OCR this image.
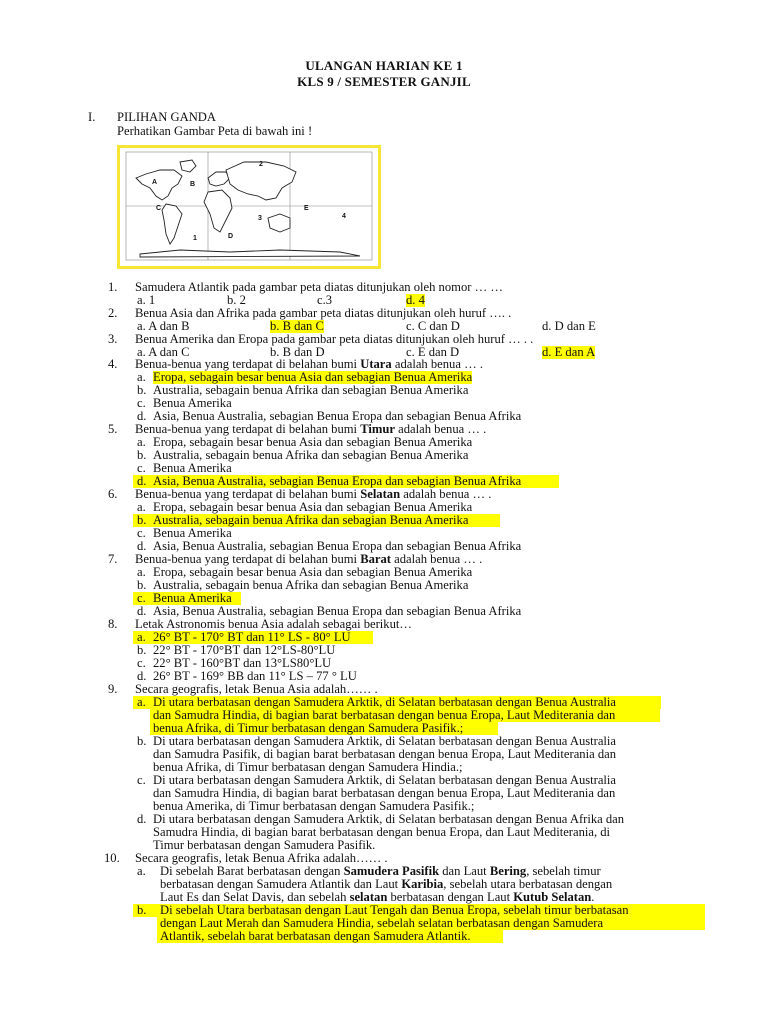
ULANGAN HARIAN KE 1
KLS 9 / SEMESTER GANJIL
I. PILIHAN GANDA
Perhatikan Gambar Peta di bawah ini !
A	B
C
1
2
3
D
E
4
1. Samudera Atlantik pada gambar peta diatas ditunjukan oleh nomor … …
a. 1	b. 2	c.3	d. 4
2. Benua Asia dan Afrika pada gambar peta diatas ditunjukan oleh huruf …. .
a. A dan B	b. B dan C	c. C dan D	d. D dan E
3. Benua Amerika dan Eropa pada gambar peta diatas ditunjukan oleh huruf … . .
a. A dan C	b. B dan D	c. E dan D	d. E dan A
4. Benua-benua yang terdapat di belahan bumi Utara adalah benua … .
a. Eropa, sebagain besar benua Asia dan sebagian Benua Amerika
b. Australia, sebagain benua Afrika dan sebagian Benua Amerika
c. Benua Amerika
d. Asia, Benua Australia, sebagian Benua Eropa dan sebagian Benua Afrika
5. Benua-benua yang terdapat di belahan bumi Timur adalah benua … .
a. Eropa, sebagain besar benua Asia dan sebagian Benua Amerika
b. Australia, sebagain benua Afrika dan sebagian Benua Amerika
c. Benua Amerika
d. Asia, Benua Australia, sebagian Benua Eropa dan sebagian Benua Afrika
6. Benua-benua yang terdapat di belahan bumi Selatan adalah benua … .
a. Eropa, sebagain besar benua Asia dan sebagian Benua Amerika
b. Australia, sebagain benua Afrika dan sebagian Benua Amerika
c. Benua Amerika
d. Asia, Benua Australia, sebagian Benua Eropa dan sebagian Benua Afrika
7. Benua-benua yang terdapat di belahan bumi Barat adalah benua … .
a. Eropa, sebagain besar benua Asia dan sebagian Benua Amerika
b. Australia, sebagain benua Afrika dan sebagian Benua Amerika
c. Benua Amerika
d. Asia, Benua Australia, sebagian Benua Eropa dan sebagian Benua Afrika
8. Letak Astronomis benua Asia adalah sebagai berikut…
a. 26° BT - 170° BT dan 11° LS - 80° LU
b. 22° BT - 170°BT dan 12°LS-80°LU
c. 22° BT - 160°BT dan 13°LS80°LU
d. 26° BT - 169° BB dan 11° LS – 77 ° LU
9. Secara geografis, letak Benua Asia adalah…… .
a. Di utara berbatasan dengan Samudera Arktik, di Selatan berbatasan dengan Benua Australia
dan Samudra Hindia, di bagian barat berbatasan dengan benua Eropa, Laut Mediterania dan
benua Afrika, di Timur berbatasan dengan Samudera Pasifik.;
b. Di utara berbatasan dengan Samudera Arktik, di Selatan berbatasan dengan Benua Australia
dan Samudra Pasifik, di bagian barat berbatasan dengan benua Eropa, Laut Mediterania dan
benua Afrika, di Timur berbatasan dengan Samudera Hindia.;
c. Di utara berbatasan dengan Samudera Arktik, di Selatan berbatasan dengan Benua Australia
dan Samudra Hindia, di bagian barat berbatasan dengan benua Eropa, Laut Mediterania dan
benua Amerika, di Timur berbatasan dengan Samudera Pasifik.;
d. Di utara berbatasan dengan Samudera Arktik, di Selatan berbatasan dengan Benua Afrika dan
Samudra Hindia, di bagian barat berbatasan dengan benua Eropa, dan Laut Mediterania, di
Timur berbatasan dengan Samudera Pasifik.
10. Secara geografis, letak Benua Afrika adalah…… .
a. Di sebelah Barat berbatasan dengan Samudera Pasifik dan Laut Bering, sebelah timur
berbatasan dengan Samudera Atlantik dan Laut Karibia, sebelah utara berbatasan dengan
Laut Es dan Selat Davis, dan sebelah selatan berbatasan dengan Laut Kutub Selatan.
b. Di sebelah Utara berbatasan dengan Laut Tengah dan Benua Eropa, sebelah timur berbatasan
dengan Laut Merah dan Samudera Hindia, sebelah selatan berbatasan dengan Samudera
Atlantik, sebelah barat berbatasan dengan Samudera Atlantik.
